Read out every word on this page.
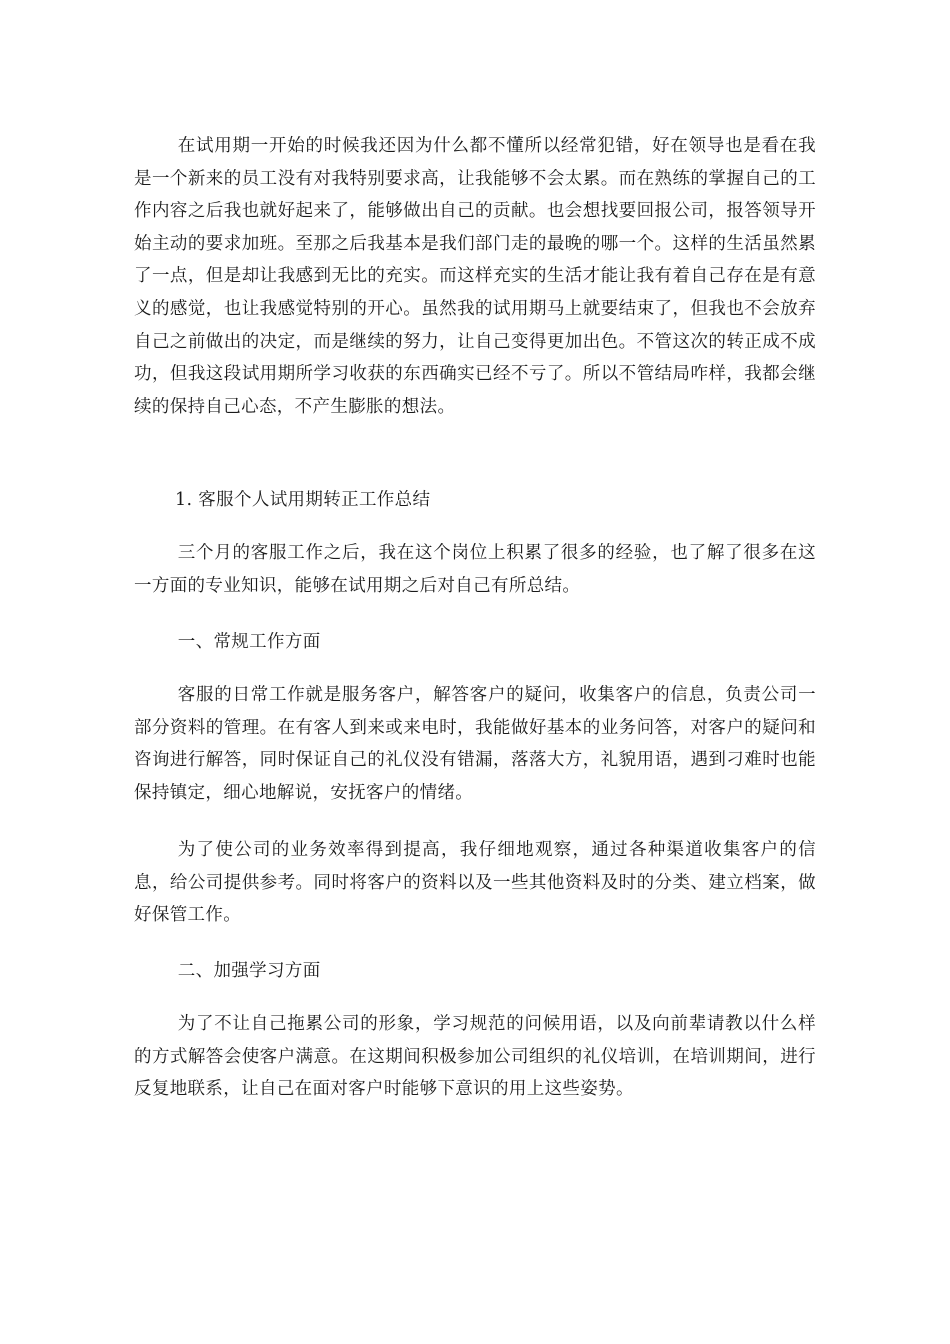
在试用期一开始的时候我还因为什么都不懂所以经常犯错，好在领导也是看在我是一个新来的员工没有对我特别要求高，让我能够不会太累。而在熟练的掌握自己的工作内容之后我也就好起来了，能够做出自己的贡献。也会想找要回报公司，报答领导开始主动的要求加班。至那之后我基本是我们部门走的最晚的哪一个。这样的生活虽然累了一点，但是却让我感到无比的充实。而这样充实的生活才能让我有着自己存在是有意义的感觉，也让我感觉特别的开心。虽然我的试用期马上就要结束了，但我也不会放弃自己之前做出的决定，而是继续的努力，让自己变得更加出色。不管这次的转正成不成功，但我这段试用期所学习收获的东西确实已经不亏了。所以不管结局咋样，我都会继续的保持自己心态，不产生膨胀的想法。

1. 客服个人试用期转正工作总结

三个月的客服工作之后，我在这个岗位上积累了很多的经验，也了解了很多在这一方面的专业知识，能够在试用期之后对自己有所总结。

一、常规工作方面

客服的日常工作就是服务客户，解答客户的疑问，收集客户的信息，负责公司一部分资料的管理。在有客人到来或来电时，我能做好基本的业务问答，对客户的疑问和咨询进行解答，同时保证自己的礼仪没有错漏，落落大方，礼貌用语，遇到刁难时也能保持镇定，细心地解说，安抚客户的情绪。

为了使公司的业务效率得到提高，我仔细地观察，通过各种渠道收集客户的信息，给公司提供参考。同时将客户的资料以及一些其他资料及时的分类、建立档案，做好保管工作。

二、加强学习方面

为了不让自己拖累公司的形象，学习规范的问候用语，以及向前辈请教以什么样的方式解答会使客户满意。在这期间积极参加公司组织的礼仪培训，在培训期间，进行反复地联系，让自己在面对客户时能够下意识的用上这些姿势。
